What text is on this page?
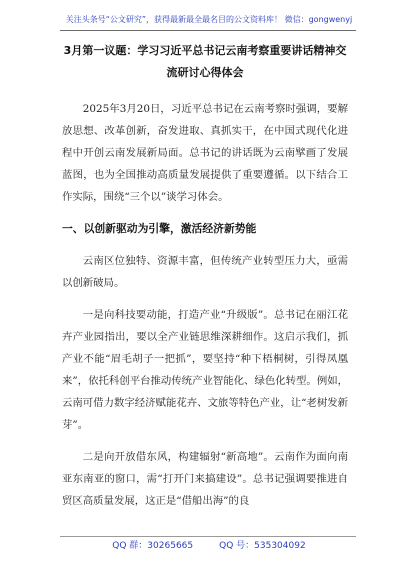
关注头条号“公文研究”，获得最新最全最名目的公文资料库！ 微信：gongwenyj

3月第一议题：学习习近平总书记云南考察重要讲话精神交

流研讨心得体会

2025年3月20日，习近平总书记在云南考察时强调，要解放思想、改革创新，奋发进取、真抓实干，在中国式现代化进程中开创云南发展新局面。总书记的讲话既为云南擘画了发展蓝图，也为全国推动高质量发展提供了重要遵循。以下结合工作实际，围绕“三个以”谈学习体会。

一、以创新驱动为引擎，激活经济新势能

云南区位独特、资源丰富，但传统产业转型压力大，亟需以创新破局。

一是向科技要动能，打造产业“升级版”。总书记在丽江花卉产业园指出，要以全产业链思维深耕细作。这启示我们，抓产业不能“眉毛胡子一把抓”，要坚持“种下梧桐树，引得凤凰来”，依托科创平台推动传统产业智能化、绿色化转型。例如，云南可借力数字经济赋能花卉、文旅等特色产业，让“老树发新芽”。

二是向开放借东风，构建辐射“新高地”。云南作为面向南亚东南亚的窗口，需“打开门来搞建设”。总书记强调要推进自贸区高质量发展，这正是“借船出海”的良

QQ 群：30265665	QQ 号：535304092
